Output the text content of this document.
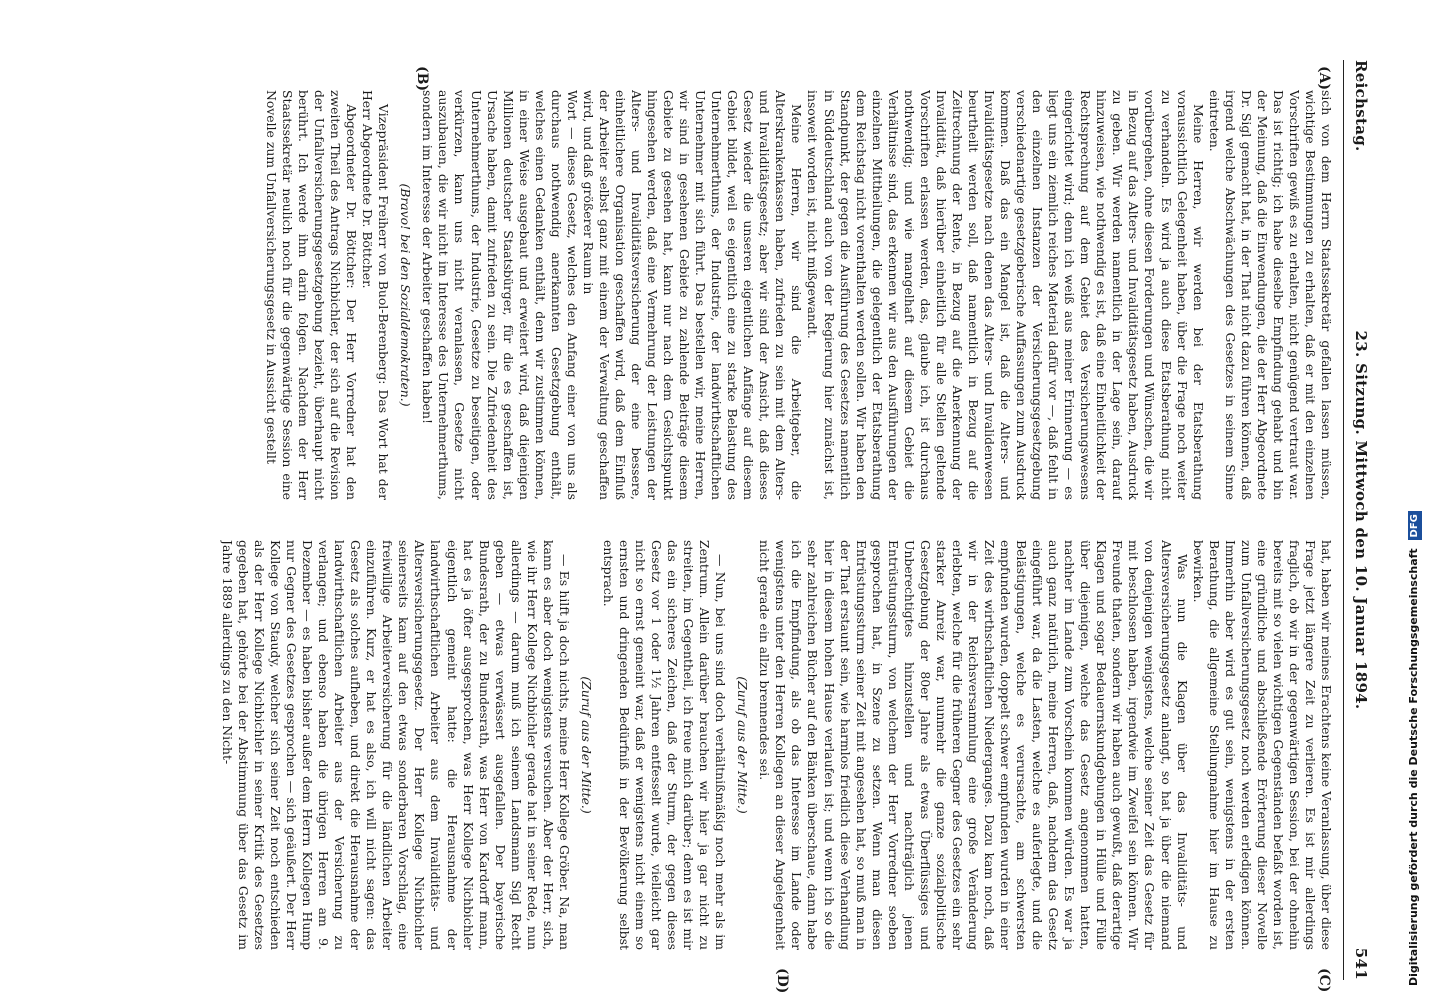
Reichstag.
23. Sitzung. Mittwoch den 10. Januar 1894.
541
(A)
(B)
(C)
(D)

sich von dem Herrn Staatssekretär gefallen lassen müssen, wichtige Bestimmungen zu erhalten, daß er mit den einzelnen Vorschriften gewiß es zu erhalten, nicht genügend vertraut war. Das ist richtig; ich habe dieselbe Empfindung gehabt und bin der Meinung, daß die Einwendungen, die der Herr Abgeordnete Dr. Sigl gemacht hat, in der That nicht dazu führen können, daß irgend welche Abschwächungen des Gesetzes in seinem Sinne eintreten.

Meine Herren, wir werden bei der Etatsberathung voraussichtlich Gelegenheit haben, über die Frage noch weiter zu verhandeln. Es wird ja auch diese Etatsberathung nicht vorübergehen, ohne diesen Forderungen und Wünschen, die wir in Bezug auf das Alters- und Invaliditätsgesetz haben, Ausdruck zu geben. Wir werden namentlich in der Lage sein, darauf hinzuweisen, wie nothwendig es ist, daß eine Einheitlichkeit der Rechtsprechung auf dem Gebiet des Versicherungswesens eingerichtet wird; denn ich weiß aus meiner Erinnerung — es liegt uns ein ziemlich reiches Material dafür vor —, daß fehlt in den einzelnen Instanzen der Versicherungsgesetzgebung verschiedenartige gesetzgeberische Auffassungen zum Ausdruck kommen. Daß das ein Mangel ist, daß die Alters- und Invaliditätsgesetze nach denen das Alters- und Invalidenwesen beurtheilt werden soll, daß namentlich in Bezug auf die Zeitrechnung der Rente, in Bezug auf die Anerkennung der Invalidität, daß hierüber einheitlich für alle Stellen geltende Vorschriften erlassen werden, das, glaube ich, ist durchaus nothwendig; und wie mangelhaft auf diesem Gebiet die Verhältnisse sind, das erkennen wir aus den Ausführungen der einzelnen Mittheilungen, die gelegentlich der Etatsberathung dem Reichstag nicht vorenthalten werden sollen. Wir haben den Standpunkt, der gegen die Ausführung des Gesetzes namentlich in Süddeutschland auch von der Regierung hier zunächst ist, insoweit worden ist, nicht mißgewandt.

Meine Herren, wir sind die Arbeitgeber, die Alterskrankenkassen haben, zufrieden zu sein mit dem Alters- und Invaliditätsgesetz; aber wir sind der Ansicht, daß dieses Gesetz wieder die unseren eigentlichen Anfänge auf diesem Gebiet bildet, weil es eigentlich eine zu starke Belastung des Unternehmerthums, der Industrie, der landwirthschaftlichen Unternehmer mit sich führt. Das bestellen wir, meine Herren, wir sind in gesehenen Gebiete zu zahlende Beiträge diesem Gebiete zu gesehen hat, kann nur nach dem Gesichtspunkt hingesehen werden, daß eine Vermehrung der Leistungen der Alters- und Invaliditätsversicherung der eine bessere, einheitlichere Organisation geschaffen wird, daß dem Einfluß der Arbeiter selbst ganz mit einem der Verwaltung geschaffen wird, und daß größerer Raum in

Wort — dieses Gesetz, welches den Anfang einer von uns als durchaus nothwendig anerkannten Gesetzgebung enthält, welches einen Gedanken enthält, denn wir zustimmen können, in einer Weise ausgebaut und erweitert wird, daß diejenigen Millionen deutscher Staatsbürger, für die es geschaffen ist, Ursache haben, damit zufrieden zu sein. Die Zufriedenheit des Unternehmerthums, der Industrie, Gesetze zu beseitigen, oder verkürzen, kann uns nicht veranlassen, Gesetze nicht auszubauen, die wir nicht im Interesse des Unternehmerthums, sondern im Interesse der Arbeiter geschaffen haben!

(Bravo! bei den Sozialdemokraten.)

Vizepräsident Freiherr von Buol-Berenberg: Das Wort hat der Herr Abgeordnete Dr. Böttcher.

Abgeordneter Dr. Böttcher: Der Herr Vorredner hat den zweiten Theil des Antrags Nichbichler, der sich auf die Revision der Unfallversicherungsgesetzgebung bezieht, überhaupt nicht berührt. Ich werde ihm darin folgen. Nachdem der Herr Staatssekretär neulich noch für die gegenwärtige Session eine Novelle zum Unfallversicherungsgesetz in Aussicht gestellt

hat, haben wir meines Erachtens keine Veranlassung, über diese Frage jetzt längere Zeit zu verlieren. Es ist mir allerdings fraglich, ob wir in der gegenwärtigen Session, bei der ohnehin bereits mit so vielen wichtigen Gegenständen befaßt worden ist, eine gründliche und abschließende Erörterung dieser Novelle zum Unfallversicherungsgesetz noch werden erledigen können. Immerhin aber wird es gut sein, wenigstens in der ersten Berathung, die allgemeine Stellungnahme hier im Hause zu bewirken.

Was nun die Klagen über das Invaliditäts- und Altersversicherungsgesetz anlangt, so hat ja über die niemand von denjenigen wenigstens, welche seiner Zeit das Gesetz für mit beschlossen haben, irgendwie im Zweifel sein können. Wir Freunde thaten, sondern wir haben auch gewußt, daß derartige Klagen und sogar Bedauernskundgebungen in Hülle und Fülle über diejenigen, welche das Gesetz angenommen hatten, nachher im Lande zum Vorschein kommen würden. Es war ja auch ganz natürlich, meine Herren, daß, nachdem das Gesetz eingeführt war, da die Lasten, welche es auferlegte, und die Belästigungen, welche es verursachte, am schwersten empfunden wurden, doppelt schwer empfunden wurden in einer Zeit des wirthschaftlichen Niederganges. Dazu kam noch, daß wir in der Reichsversammlung eine große Veränderung erlebten, welche für die früheren Gegner des Gesetzes ein sehr starker Anreiz war, nunmehr die ganze sozialpolitische Gesetzgebung der 80er Jahre als etwas Überflüssiges und Unberechtigtes hinzustellen und nachträglich jenen Entrüstungssturm, von welchem der Herr Vorredner soeben gesprochen hat, in Szene zu setzen. Wenn man diesen Entrüstungssturm seiner Zeit mit angesehen hat, so muß man in der That erstaunt sein, wie harmlos friedlich diese Verhandlung hier in diesem hohen Hause verlaufen ist; und wenn ich so die sehr zahlreichen Bücher auf den Bänken überschaue, dann habe ich die Empfindung, als ob das Interesse im Lande oder wenigstens unter den Herren Kollegen an dieser Angelegenheit nicht gerade ein allzu brennendes sei.

(Zuruf aus der Mitte.)

— Nun, bei uns sind doch verhältnißmäßig noch mehr als im Zentrum. Allein darüber brauchen wir hier ja gar nicht zu streiten, im Gegentheil, ich freue mich darüber; denn es ist mir das ein sicheres Zeichen, daß der Sturm, der gegen dieses Gesetz vor 1 oder 1½ Jahren entfesselt wurde, vielleicht gar nicht so ernst gemeint war, daß er wenigstens nicht einem so ernsten und dringenden Bedürfniß in der Bevölkerung selbst entsprach.

(Zuruf aus der Mitte.)

— Es hilft ja doch nichts, meine Herr Kollege Gröber. Na, man kann es aber doch wenigstens versuchen. Aber der Herr, sich, wie ihr Herr Kollege Nichbichler gerade hat in seiner Rede, nun allerdings — darum muß ich seinem Landsmann Sigl Recht geben — etwas verwässert ausgefallen. Der bayerische Bundesrath, der zu Bundesrath, was Herr von Kardorff mann, hat es ja öfter ausgesprochen, was Herr Kollege Nichbichler eigentlich gemeint hatte: die Herausnahme der landwirthschaftlichen Arbeiter aus dem Invaliditäts- und Altersversicherungsgesetz. Der Herr Kollege Nichbichler seinerseits kam auf den etwas sonderbaren Vorschlag, eine freiwillige Arbeiterversicherung für die ländlichen Arbeiter einzuführen. Kurz, er hat es also, ich will nicht sagen: das Gesetz als solches aufheben, und direkt die Herausnahme der landwirthschaftlichen Arbeiter aus der Versicherung zu verlangen; und ebenso haben die übrigen Herren am 9. Dezember — es haben bisher außer dem Herrn Kollegen Hump nur Gegner des Gesetzes gesprochen — sich geäußert. Der Herr Kollege von Staudy, welcher sich seiner Zeit noch entschieden als der Herr Kollege Nichbichler in seiner Kritik des Gesetzes gegeben hat, gehörte bei der Abstimmung über das Gesetz im Jahre 1889 allerdings zu den Nicht-	Digitalisierung gefördert durch die Deutsche Forschungsgemeinschaft DFG
